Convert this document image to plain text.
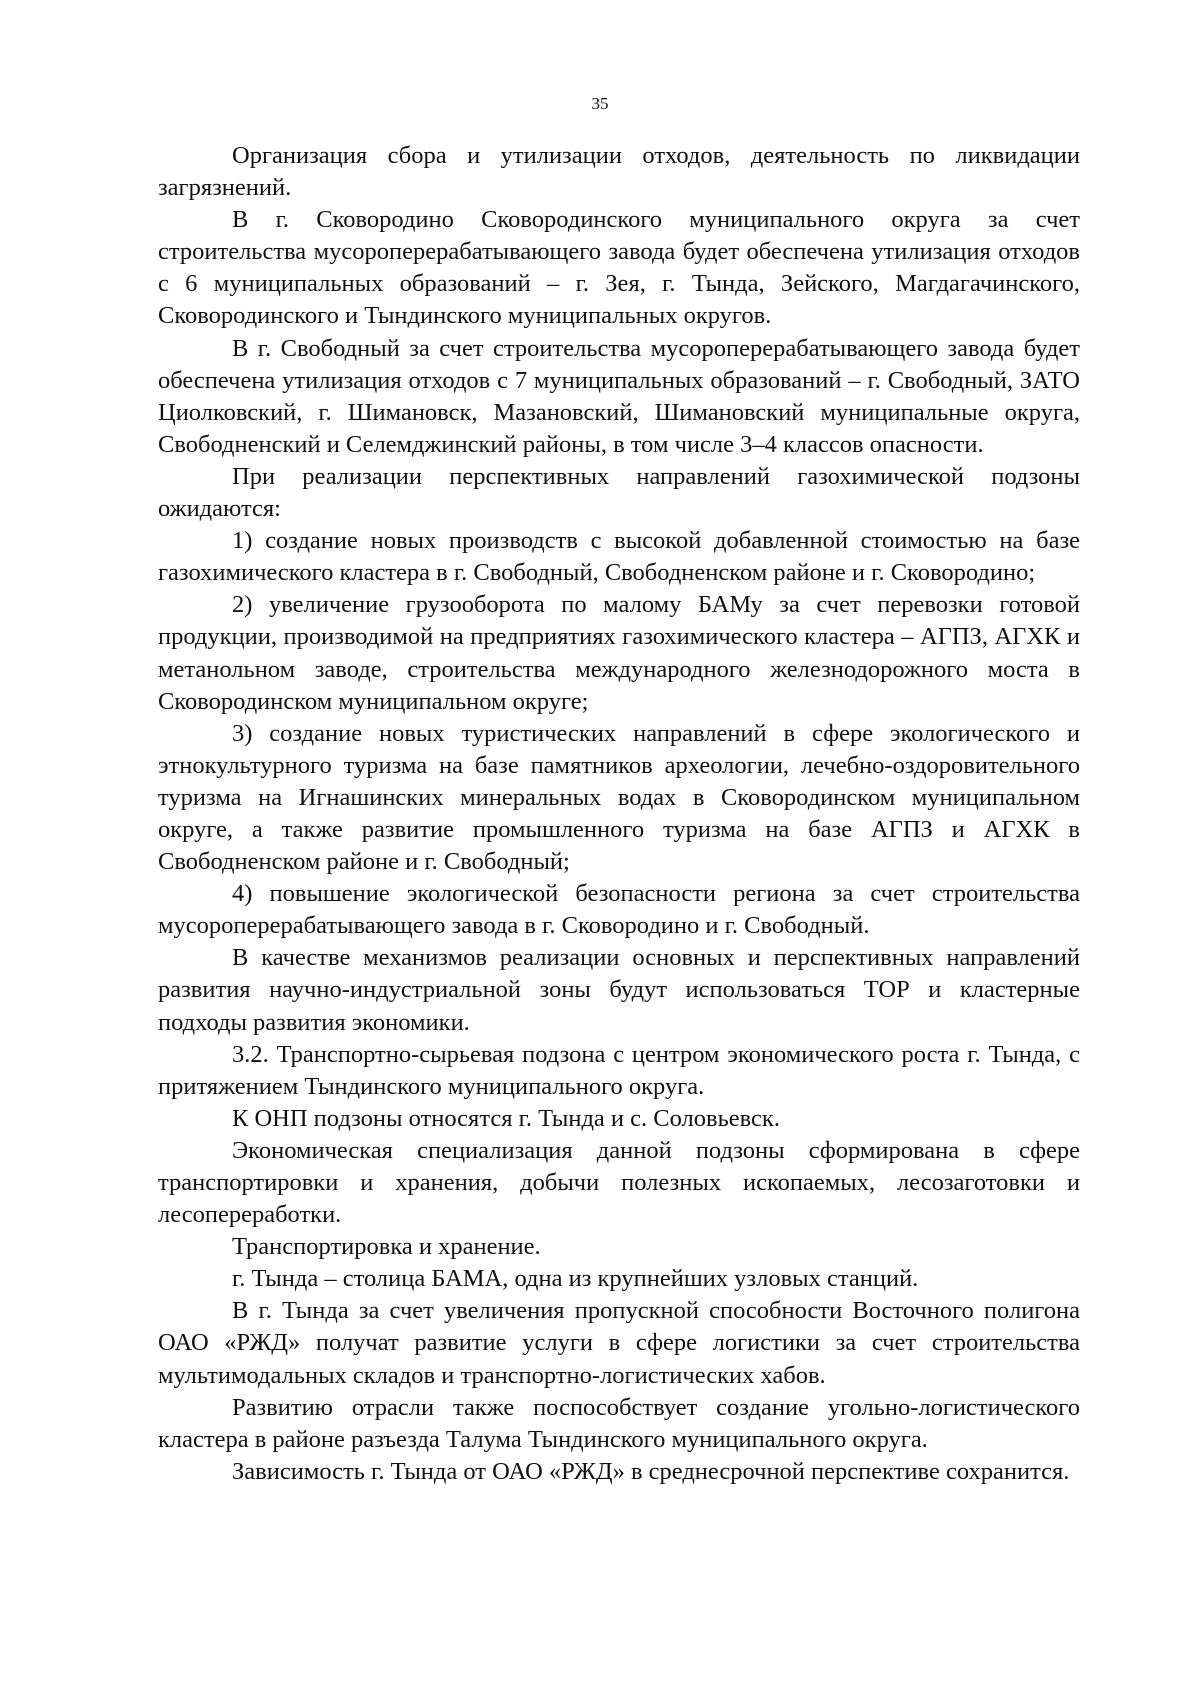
35

Организация сбора и утилизации отходов, деятельность по ликвидации загрязнений.

В г. Сковородино Сковородинского муниципального округа за счет строительства мусороперерабатывающего завода будет обеспечена утилизация отходов с 6 муниципальных образований – г. Зея, г. Тында, Зейского, Магдагачинского, Сковородинского и Тындинского муниципальных округов.

В г. Свободный за счет строительства мусороперерабатывающего завода будет обеспечена утилизация отходов с 7 муниципальных образований – г. Свободный, ЗАТО Циолковский, г. Шимановск, Мазановский, Шимановский муниципальные округа, Свободненский и Селемджинский районы, в том числе 3–4 классов опасности.

При реализации перспективных направлений газохимической подзоны ожидаются:

1) создание новых производств с высокой добавленной стоимостью на базе газохимического кластера в г. Свободный, Свободненском районе и г. Сковородино;

2) увеличение грузооборота по малому БАМу за счет перевозки готовой продукции, производимой на предприятиях газохимического кластера – АГПЗ, АГХК и метанольном заводе, строительства международного железнодорожного моста в Сковородинском муниципальном округе;

3) создание новых туристических направлений в сфере экологического и этнокультурного туризма на базе памятников археологии, лечебно-оздоровительного туризма на Игнашинских минеральных водах в Сковородинском муниципальном округе, а также развитие промышленного туризма на базе АГПЗ и АГХК в Свободненском районе и г. Свободный;

4) повышение экологической безопасности региона за счет строительства мусороперерабатывающего завода в г. Сковородино и г. Свободный.

В качестве механизмов реализации основных и перспективных направлений развития научно-индустриальной зоны будут использоваться ТОР и кластерные подходы развития экономики.

3.2. Транспортно-сырьевая подзона с центром экономического роста г. Тында, с притяжением Тындинского муниципального округа.

К ОНП подзоны относятся г. Тында и с. Соловьевск.

Экономическая специализация данной подзоны сформирована в сфере транспортировки и хранения, добычи полезных ископаемых, лесозаготовки и лесопереработки.

Транспортировка и хранение.

г. Тында – столица БАМА, одна из крупнейших узловых станций.

В г. Тында за счет увеличения пропускной способности Восточного полигона ОАО «РЖД» получат развитие услуги в сфере логистики за счет строительства мультимодальных складов и транспортно-логистических хабов.

Развитию отрасли также поспособствует создание угольно-логистического кластера в районе разъезда Талума Тындинского муниципального округа.

Зависимость г. Тында от ОАО «РЖД» в среднесрочной перспективе сохранится.
